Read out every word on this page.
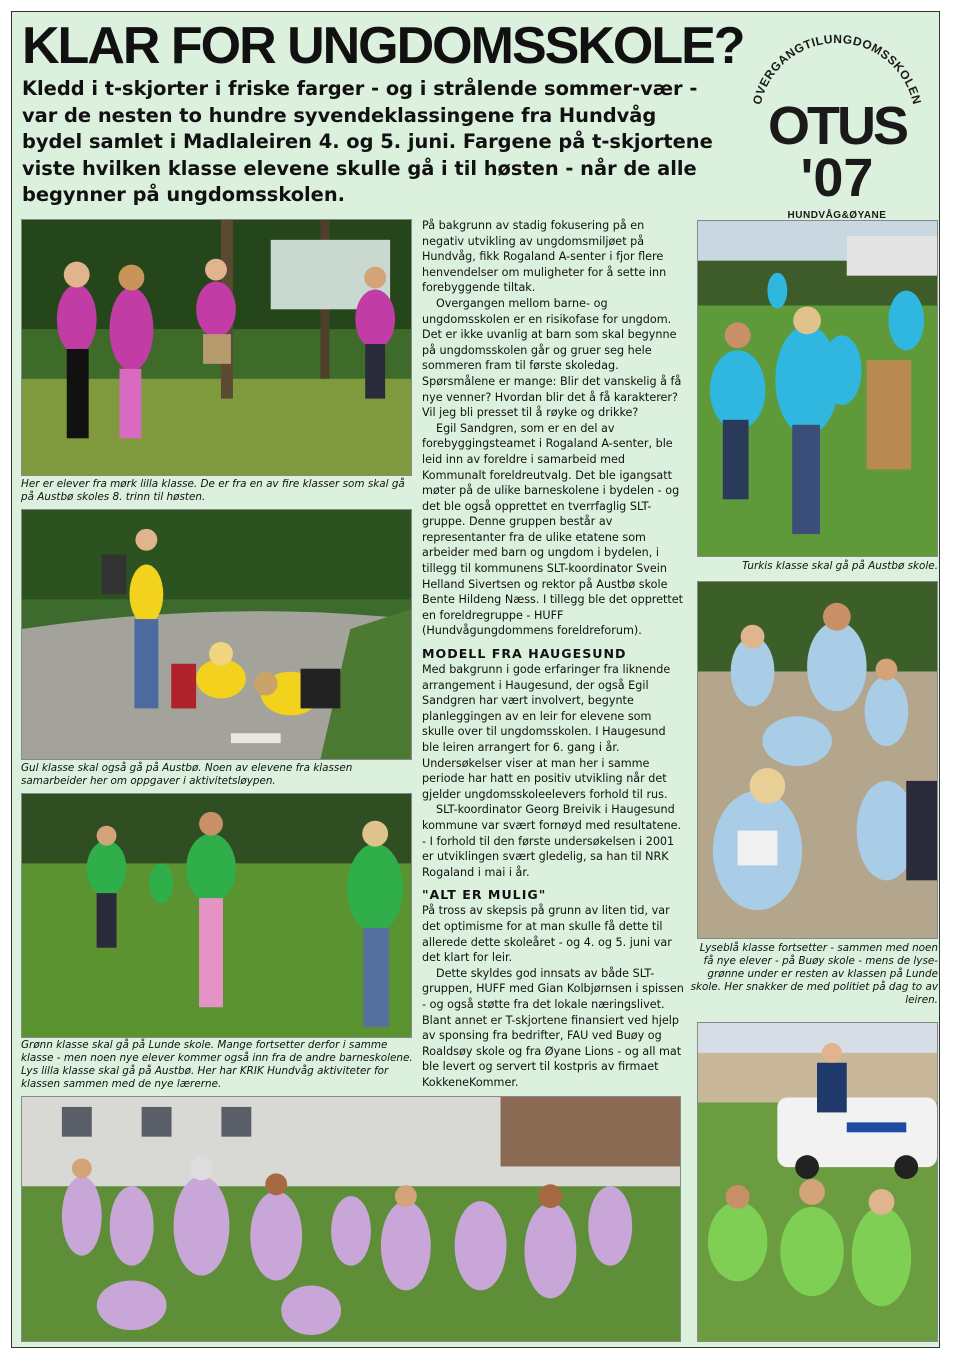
KLAR FOR UNGDOMSSKOLE?

Kledd i t-skjorter i friske farger - og i strålende sommer-vær - var de nesten to hundre syvendeklassingene fra Hundvåg bydel samlet i Madlaleiren 4. og 5. juni. Fargene på t-skjortene viste hvilken klasse elevene skulle gå i til høsten - når de alle begynner på ungdomsskolen.

OVERGANGTILUNGDOMSSKOLEN
OTUS
'07
HUNDVÅG&ØYANE

Her er elever fra mørk lilla klasse. De er fra en av fire klasser som skal gå på Austbø skoles 8. trinn til høsten.

Gul klasse skal også gå på Austbø. Noen av elevene fra klassen samarbeider her om oppgaver i aktivitetsløypen.

Grønn klasse skal gå på Lunde skole. Mange fortsetter derfor i samme klasse - men noen nye elever kommer også inn fra de andre barneskolene. Lys lilla klasse skal gå på Austbø. Her har KRIK Hundvåg aktiviteter for klassen sammen med de nye lærerne.

Turkis klasse skal gå på Austbø skole.

Lyseblå klasse fortsetter - sammen med noen få nye elever - på Buøy skole - mens de lyse-grønne under er resten av klassen på Lunde skole. Her snakker de med politiet på dag to av leiren.

På bakgrunn av stadig fokusering på en negativ utvikling av ungdomsmiljøet på Hundvåg, fikk Rogaland A-senter i fjor flere henvendelser om muligheter for å sette inn forebyggende tiltak.

Overgangen mellom barne- og ungdomsskolen er en risikofase for ungdom. Det er ikke uvanlig at barn som skal begynne på ungdomsskolen går og gruer seg hele sommeren fram til første skoledag. Spørsmålene er mange: Blir det vanskelig å få nye venner? Hvordan blir det å få karakterer? Vil jeg bli presset til å røyke og drikke?

Egil Sandgren, som er en del av forebyggingsteamet i Rogaland A-senter, ble leid inn av foreldre i samarbeid med Kommunalt foreldreutvalg. Det ble igangsatt møter på de ulike barneskolene i bydelen - og det ble også opprettet en tverrfaglig SLT-gruppe. Denne gruppen består av representanter fra de ulike etatene som arbeider med barn og ungdom i bydelen, i tillegg til kommunens SLT-koordinator Svein Helland Sivertsen og rektor på Austbø skole Bente Hildeng Næss. I tillegg ble det opprettet en foreldregruppe - HUFF (Hundvågungdommens foreldreforum).

MODELL FRA HAUGESUND

Med bakgrunn i gode erfaringer fra liknende arrangement i Haugesund, der også Egil Sandgren har vært involvert, begynte planleggingen av en leir for elevene som skulle over til ungdomsskolen. I Haugesund ble leiren arrangert for 6. gang i år. Undersøkelser viser at man her i samme periode har hatt en positiv utvikling når det gjelder ungdomsskoleelevers forhold til rus.

SLT-koordinator Georg Breivik i Haugesund kommune var svært fornøyd med resultatene. - I forhold til den første undersøkelsen i 2001 er utviklingen svært gledelig, sa han til NRK Rogaland i mai i år.

"ALT ER MULIG"

På tross av skepsis på grunn av liten tid, var det optimisme for at man skulle få dette til allerede dette skoleåret - og 4. og 5. juni var det klart for leir.

Dette skyldes god innsats av både SLT-gruppen, HUFF med Gian Kolbjørnsen i spissen - og også støtte fra det lokale næringslivet. Blant annet er T-skjortene finansiert ved hjelp av sponsing fra bedrifter, FAU ved Buøy og Roaldsøy skole og fra Øyane Lions - og all mat ble levert og servert til kostpris av firmaet KokkeneKommer.
